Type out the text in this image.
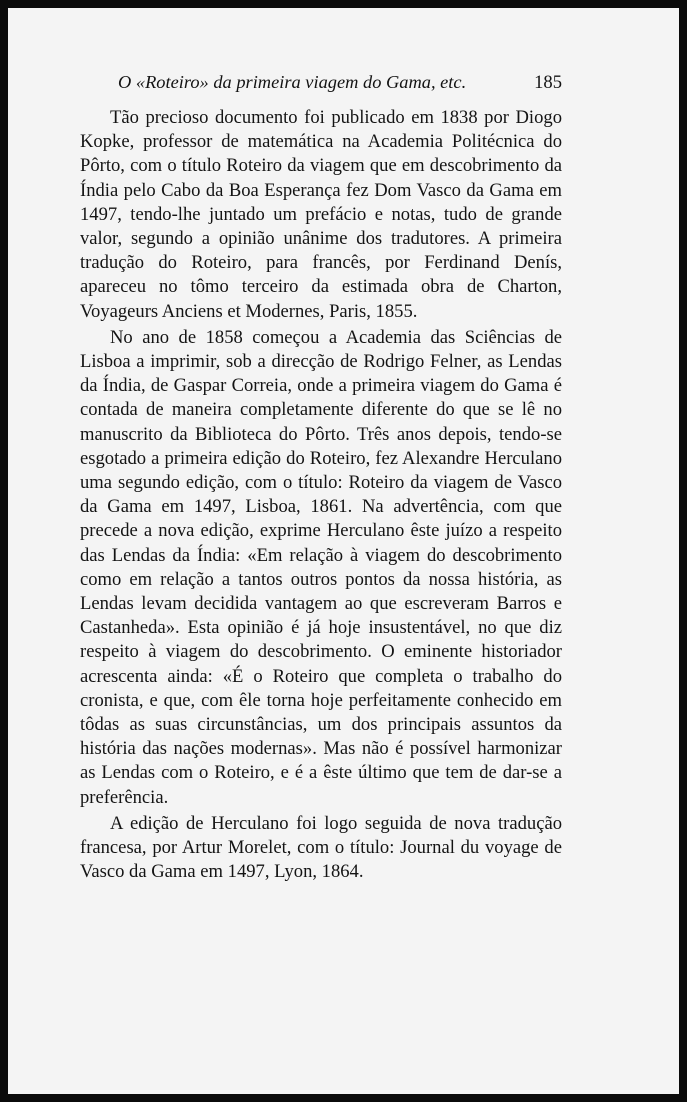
O «Roteiro» da primeira viagem do Gama, etc.	185

Tão precioso documento foi publicado em 1838 por Diogo Kopke, professor de matemática na Academia Politécnica do Pôrto, com o título Roteiro da viagem que em descobrimento da Índia pelo Cabo da Boa Esperança fez Dom Vasco da Gama em 1497, tendo-lhe juntado um prefácio e notas, tudo de grande valor, segundo a opinião unânime dos tradutores. A primeira tradução do Roteiro, para francês, por Ferdinand Denís, apareceu no tômo terceiro da estimada obra de Charton, Voyageurs Anciens et Modernes, Paris, 1855.

No ano de 1858 começou a Academia das Sciências de Lisboa a imprimir, sob a direcção de Rodrigo Felner, as Lendas da Índia, de Gaspar Correia, onde a primeira viagem do Gama é contada de maneira completamente diferente do que se lê no manuscrito da Biblioteca do Pôrto. Três anos depois, tendo-se esgotado a primeira edição do Roteiro, fez Alexandre Herculano uma segundo edição, com o título: Roteiro da viagem de Vasco da Gama em 1497, Lisboa, 1861. Na advertência, com que precede a nova edição, exprime Herculano êste juízo a respeito das Lendas da Índia: «Em relação à viagem do descobrimento como em relação a tantos outros pontos da nossa história, as Lendas levam decidida vantagem ao que escreveram Barros e Castanheda». Esta opinião é já hoje insustentável, no que diz respeito à viagem do descobrimento. O eminente historiador acrescenta ainda: «É o Roteiro que completa o trabalho do cronista, e que, com êle torna hoje perfeitamente conhecido em tôdas as suas circunstâncias, um dos principais assuntos da história das nações modernas». Mas não é possível harmonizar as Lendas com o Roteiro, e é a êste último que tem de dar-se a preferência.

A edição de Herculano foi logo seguida de nova tradução francesa, por Artur Morelet, com o título: Journal du voyage de Vasco da Gama em 1497, Lyon, 1864.
